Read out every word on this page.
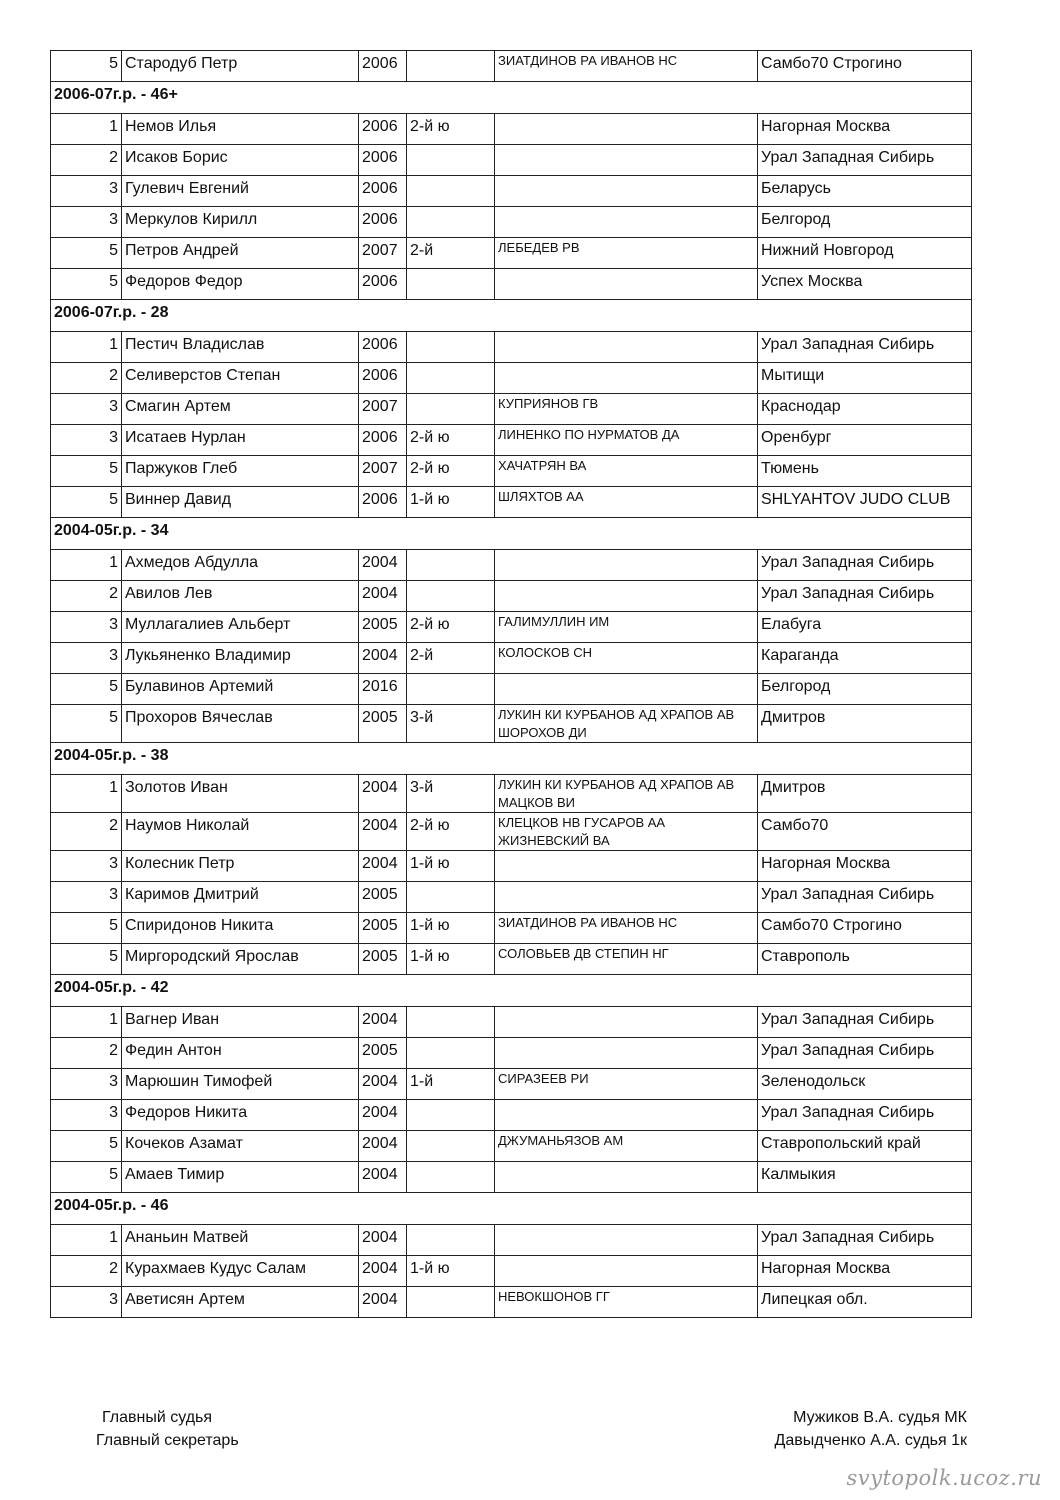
5	Стародуб Петр	2006		ЗИАТДИНОВ РА ИВАНОВ НС	Самбо70 Строгино
2006-07г.р. - 46+					
1	Немов Илья	2006	2-й ю		Нагорная Москва
2	Исаков Борис	2006			Урал Западная Сибирь
3	Гулевич Евгений	2006			Беларусь
3	Меркулов Кирилл	2006			Белгород
5	Петров Андрей	2007	2-й	ЛЕБЕДЕВ РВ	Нижний Новгород
5	Федоров Федор	2006			Успех Москва
2006-07г.р. - 28					
1	Пестич Владислав	2006			Урал Западная Сибирь
2	Селиверстов Степан	2006			Мытищи
3	Смагин Артем	2007		КУПРИЯНОВ ГВ	Краснодар
3	Исатаев Нурлан	2006	2-й ю	ЛИНЕНКО ПО НУРМАТОВ ДА	Оренбург
5	Паржуков Глеб	2007	2-й ю	ХАЧАТРЯН ВА	Тюмень
5	Виннер Давид	2006	1-й ю	ШЛЯХТОВ АА	SHLYAHTOV JUDO CLUB
2004-05г.р. - 34					
1	Ахмедов Абдулла	2004			Урал Западная Сибирь
2	Авилов Лев	2004			Урал Западная Сибирь
3	Муллагалиев Альберт	2005	2-й ю	ГАЛИМУЛЛИН ИМ	Елабуга
3	Лукьяненко Владимир	2004	2-й	КОЛОСКОВ СН	Караганда
5	Булавинов Артемий	2016			Белгород
5	Прохоров Вячеслав	2005	3-й	ЛУКИН КИ КУРБАНОВ АД ХРАПОВ АВ ШОРОХОВ ДИ	Дмитров
2004-05г.р. - 38					
1	Золотов Иван	2004	3-й	ЛУКИН КИ КУРБАНОВ АД ХРАПОВ АВ МАЦКОВ ВИ	Дмитров
2	Наумов Николай	2004	2-й ю	КЛЕЦКОВ НВ ГУСАРОВ АА ЖИЗНЕВСКИЙ ВА	Самбо70
3	Колесник Петр	2004	1-й ю		Нагорная Москва
3	Каримов Дмитрий	2005			Урал Западная Сибирь
5	Спиридонов Никита	2005	1-й ю	ЗИАТДИНОВ РА ИВАНОВ НС	Самбо70 Строгино
5	Миргородский Ярослав	2005	1-й ю	СОЛОВЬЕВ ДВ СТЕПИН НГ	Ставрополь
2004-05г.р. - 42					
1	Вагнер Иван	2004			Урал Западная Сибирь
2	Федин Антон	2005			Урал Западная Сибирь
3	Марюшин Тимофей	2004	1-й	СИРАЗЕЕВ РИ	Зеленодольск
3	Федоров Никита	2004			Урал Западная Сибирь
5	Кочеков Азамат	2004		ДЖУМАНЬЯЗОВ АМ	Ставропольский край
5	Амаев Тимир	2004			Калмыкия
2004-05г.р. - 46					
1	Ананьин Матвей	2004			Урал Западная Сибирь
2	Курахмаев Кудус Салам	2004	1-й ю		Нагорная Москва
3	Аветисян Артем	2004		НЕВОКШОНОВ ГГ	Липецкая обл.
Главный судья
Главный секретарь
Мужиков В.А. судья МК
Давыдченко А.А. судья 1к
svytopolk.ucoz.ru
